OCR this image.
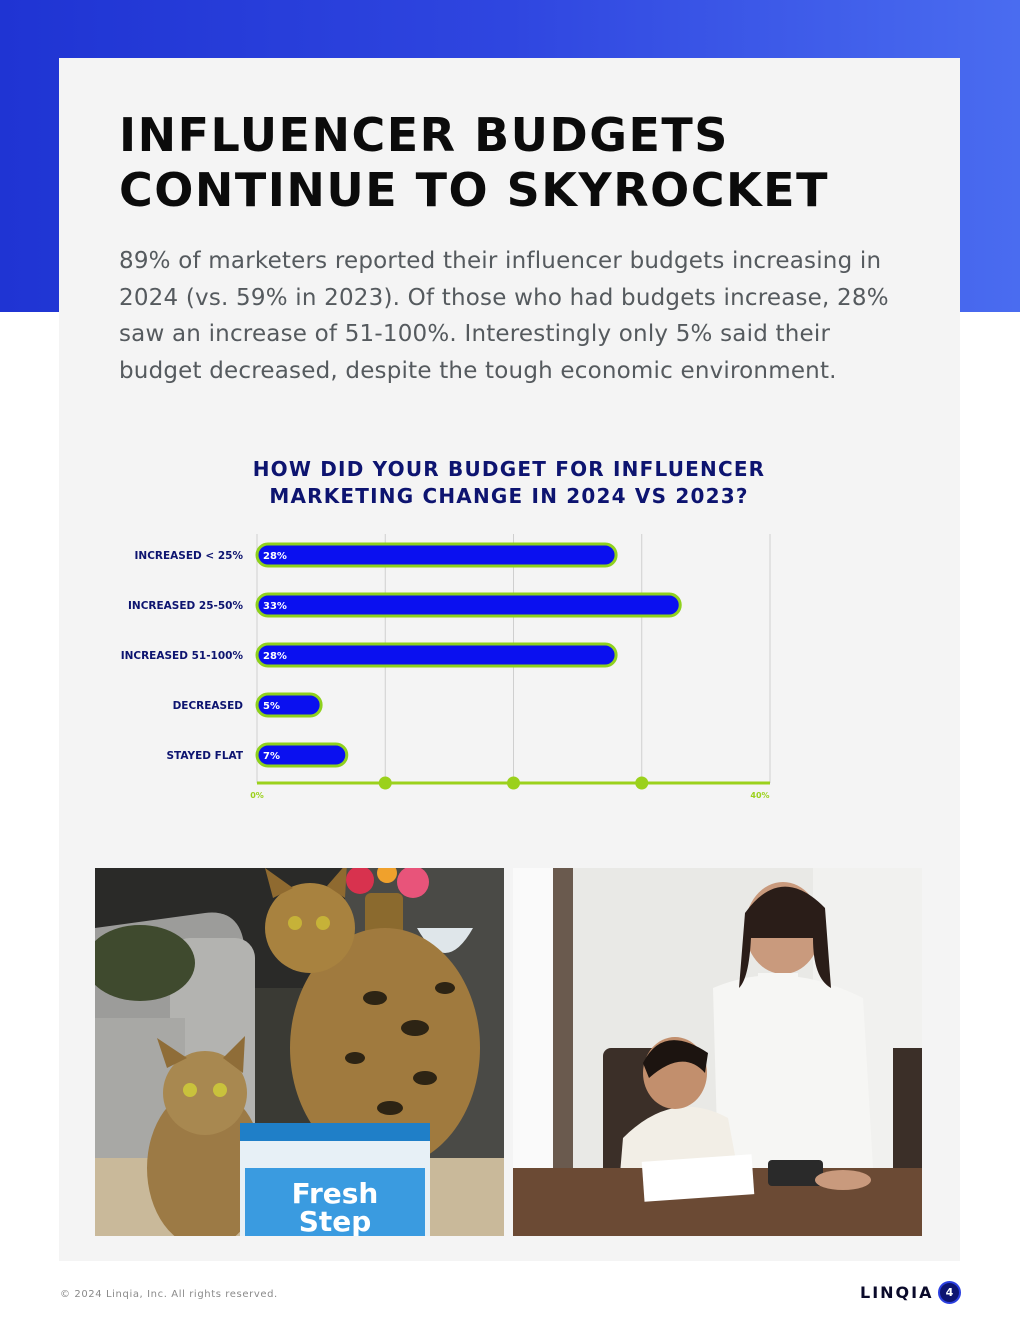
INFLUENCER BUDGETS
CONTINUE TO SKYROCKET

89% of marketers reported their influencer budgets increasing in 2024 (vs. 59% in 2023). Of those who had budgets increase, 28% saw an increase of 51-100%. Interestingly only 5% said their budget decreased, despite the tough economic environment.

HOW DID YOUR BUDGET FOR INFLUENCER
MARKETING CHANGE IN 2024 VS 2023?
28%
INCREASED < 25%
33%
INCREASED 25-50%
28%
INCREASED 51-100%
5%
DECREASED
7%
STAYED FLAT
0%	40%
Fresh
Step
© 2024 Linqia, Inc. All rights reserved.	LINQIA	4
